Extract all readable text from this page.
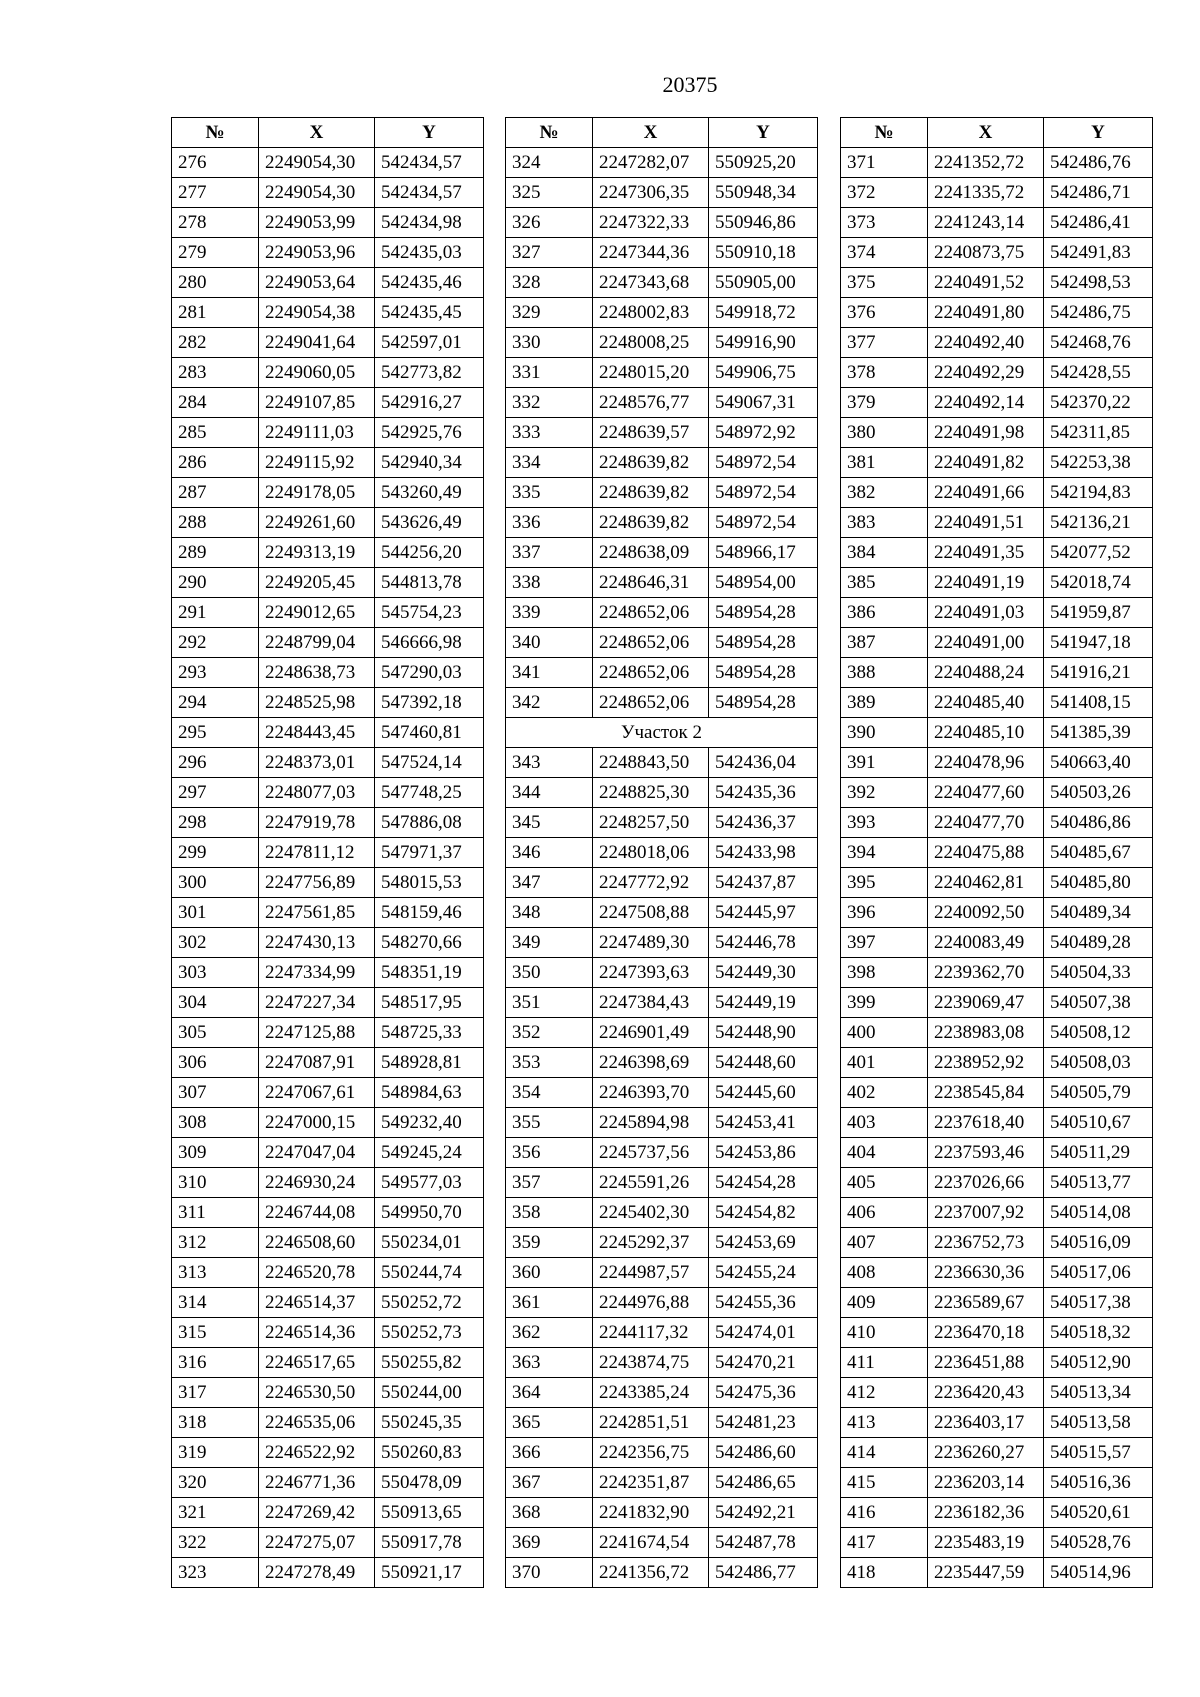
20375
№	X	Y
276	2249054,30	542434,57
277	2249054,30	542434,57
278	2249053,99	542434,98
279	2249053,96	542435,03
280	2249053,64	542435,46
281	2249054,38	542435,45
282	2249041,64	542597,01
283	2249060,05	542773,82
284	2249107,85	542916,27
285	2249111,03	542925,76
286	2249115,92	542940,34
287	2249178,05	543260,49
288	2249261,60	543626,49
289	2249313,19	544256,20
290	2249205,45	544813,78
291	2249012,65	545754,23
292	2248799,04	546666,98
293	2248638,73	547290,03
294	2248525,98	547392,18
295	2248443,45	547460,81
296	2248373,01	547524,14
297	2248077,03	547748,25
298	2247919,78	547886,08
299	2247811,12	547971,37
300	2247756,89	548015,53
301	2247561,85	548159,46
302	2247430,13	548270,66
303	2247334,99	548351,19
304	2247227,34	548517,95
305	2247125,88	548725,33
306	2247087,91	548928,81
307	2247067,61	548984,63
308	2247000,15	549232,40
309	2247047,04	549245,24
310	2246930,24	549577,03
311	2246744,08	549950,70
312	2246508,60	550234,01
313	2246520,78	550244,74
314	2246514,37	550252,72
315	2246514,36	550252,73
316	2246517,65	550255,82
317	2246530,50	550244,00
318	2246535,06	550245,35
319	2246522,92	550260,83
320	2246771,36	550478,09
321	2247269,42	550913,65
322	2247275,07	550917,78
323	2247278,49	550921,17
№	X	Y
324	2247282,07	550925,20
325	2247306,35	550948,34
326	2247322,33	550946,86
327	2247344,36	550910,18
328	2247343,68	550905,00
329	2248002,83	549918,72
330	2248008,25	549916,90
331	2248015,20	549906,75
332	2248576,77	549067,31
333	2248639,57	548972,92
334	2248639,82	548972,54
335	2248639,82	548972,54
336	2248639,82	548972,54
337	2248638,09	548966,17
338	2248646,31	548954,00
339	2248652,06	548954,28
340	2248652,06	548954,28
341	2248652,06	548954,28
342	2248652,06	548954,28
Участок 2		
343	2248843,50	542436,04
344	2248825,30	542435,36
345	2248257,50	542436,37
346	2248018,06	542433,98
347	2247772,92	542437,87
348	2247508,88	542445,97
349	2247489,30	542446,78
350	2247393,63	542449,30
351	2247384,43	542449,19
352	2246901,49	542448,90
353	2246398,69	542448,60
354	2246393,70	542445,60
355	2245894,98	542453,41
356	2245737,56	542453,86
357	2245591,26	542454,28
358	2245402,30	542454,82
359	2245292,37	542453,69
360	2244987,57	542455,24
361	2244976,88	542455,36
362	2244117,32	542474,01
363	2243874,75	542470,21
364	2243385,24	542475,36
365	2242851,51	542481,23
366	2242356,75	542486,60
367	2242351,87	542486,65
368	2241832,90	542492,21
369	2241674,54	542487,78
370	2241356,72	542486,77
№	X	Y
371	2241352,72	542486,76
372	2241335,72	542486,71
373	2241243,14	542486,41
374	2240873,75	542491,83
375	2240491,52	542498,53
376	2240491,80	542486,75
377	2240492,40	542468,76
378	2240492,29	542428,55
379	2240492,14	542370,22
380	2240491,98	542311,85
381	2240491,82	542253,38
382	2240491,66	542194,83
383	2240491,51	542136,21
384	2240491,35	542077,52
385	2240491,19	542018,74
386	2240491,03	541959,87
387	2240491,00	541947,18
388	2240488,24	541916,21
389	2240485,40	541408,15
390	2240485,10	541385,39
391	2240478,96	540663,40
392	2240477,60	540503,26
393	2240477,70	540486,86
394	2240475,88	540485,67
395	2240462,81	540485,80
396	2240092,50	540489,34
397	2240083,49	540489,28
398	2239362,70	540504,33
399	2239069,47	540507,38
400	2238983,08	540508,12
401	2238952,92	540508,03
402	2238545,84	540505,79
403	2237618,40	540510,67
404	2237593,46	540511,29
405	2237026,66	540513,77
406	2237007,92	540514,08
407	2236752,73	540516,09
408	2236630,36	540517,06
409	2236589,67	540517,38
410	2236470,18	540518,32
411	2236451,88	540512,90
412	2236420,43	540513,34
413	2236403,17	540513,58
414	2236260,27	540515,57
415	2236203,14	540516,36
416	2236182,36	540520,61
417	2235483,19	540528,76
418	2235447,59	540514,96
